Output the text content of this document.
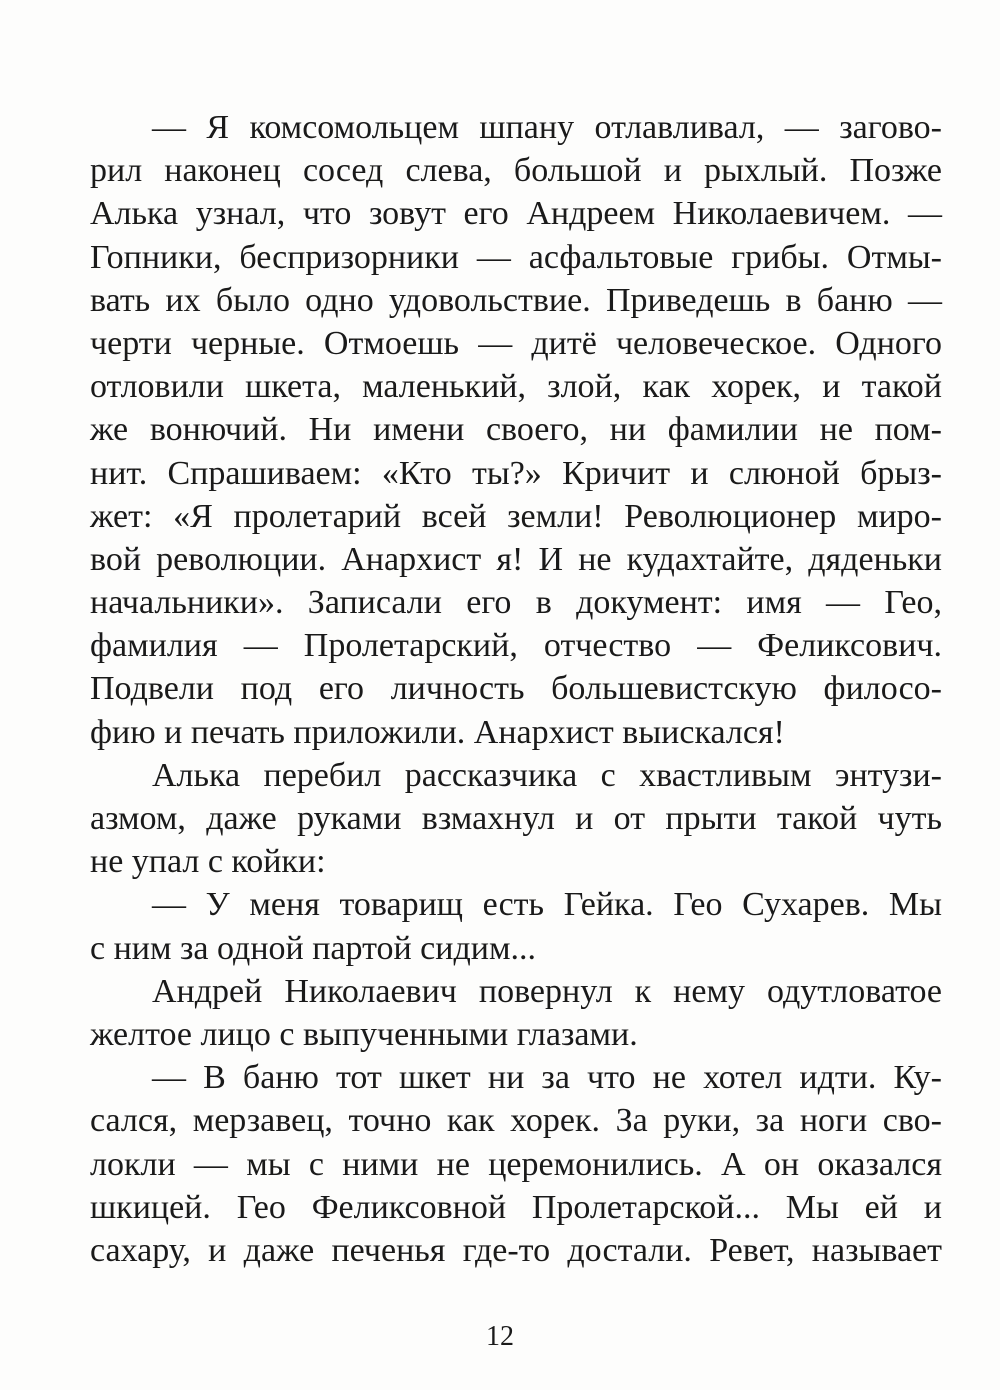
— Я комсомольцем шпану отлавливал, — загово-
рил наконец сосед слева, большой и рыхлый. Позже
Алька узнал, что зовут его Андреем Николаевичем. —
Гопники, беспризорники — асфальтовые грибы. Отмы-
вать их было одно удовольствие. Приведешь в баню —
черти черные. Отмоешь — дитё человеческое. Одного
отловили шкета, маленький, злой, как хорек, и такой
же вонючий. Ни имени своего, ни фамилии не пом-
нит. Спрашиваем: «Кто ты?» Кричит и слюной брыз-
жет: «Я пролетарий всей земли! Революционер миро-
вой революции. Анархист я! И не кудахтайте, дяденьки
начальники». Записали его в документ: имя — Гео,
фамилия — Пролетарский, отчество — Феликсович.
Подвели под его личность большевистскую филосо-
фию и печать приложили. Анархист выискался!
Алька перебил рассказчика с хвастливым энтузи-
азмом, даже руками взмахнул и от прыти такой чуть
не упал с койки:
— У меня товарищ есть Гейка. Гео Сухарев. Мы
с ним за одной партой сидим...
Андрей Николаевич повернул к нему одутловатое
желтое лицо с выпученными глазами.
— В баню тот шкет ни за что не хотел идти. Ку-
сался, мерзавец, точно как хорек. За руки, за ноги сво-
локли — мы с ними не церемонились. А он оказался
шкицей. Гео Феликсовной Пролетарской... Мы ей и
сахару, и даже печенья где-то достали. Ревет, называет
12
